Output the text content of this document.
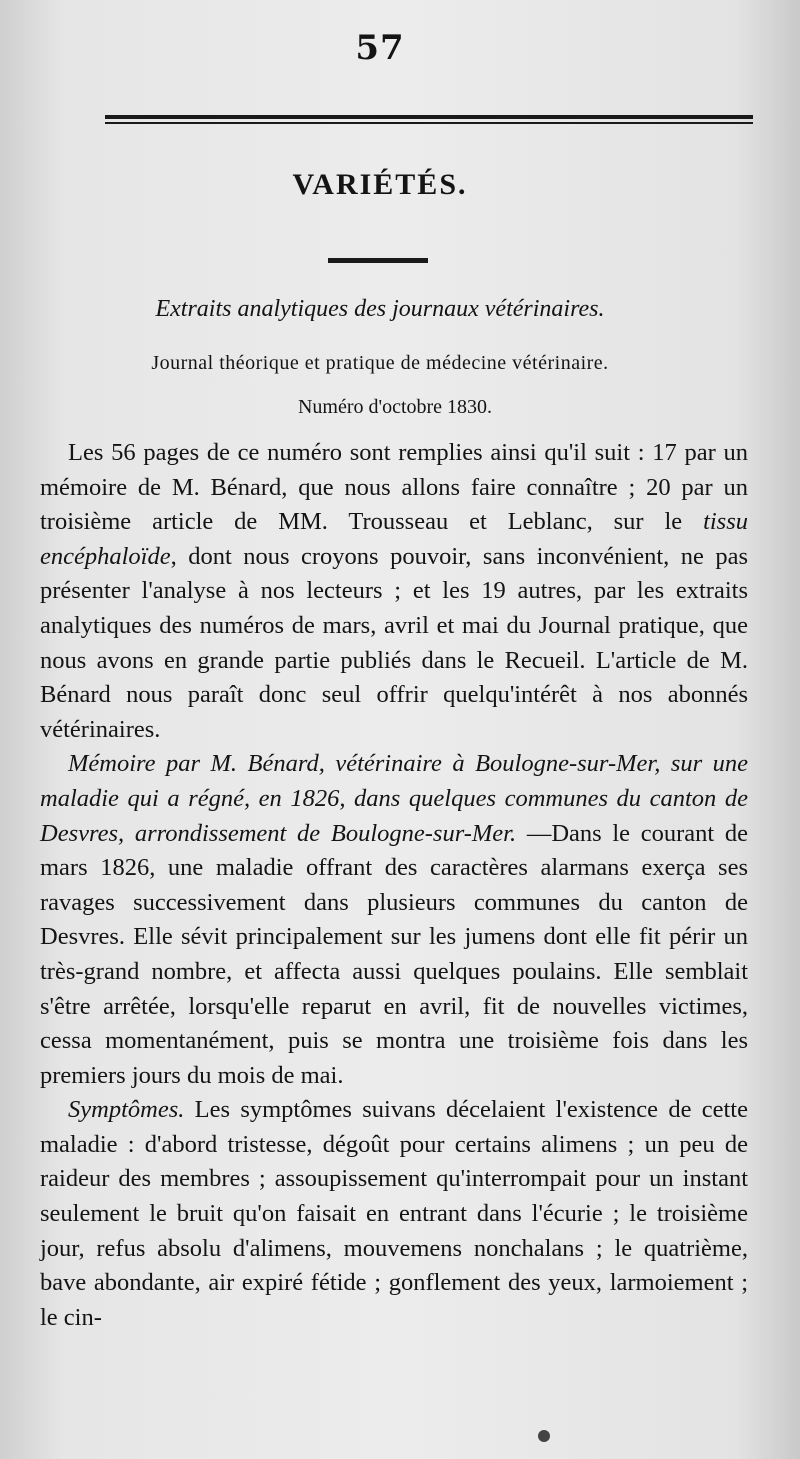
57
VARIÉTÉS.
Extraits analytiques des journaux vétérinaires.
Journal théorique et pratique de médecine vétérinaire.
Numéro d'octobre 1830.

Les 56 pages de ce numéro sont remplies ainsi qu'il suit : 17 par un mémoire de M. Bénard, que nous allons faire connaître ; 20 par un troisième article de MM. Trousseau et Leblanc, sur le tissu encéphaloïde, dont nous croyons pouvoir, sans inconvénient, ne pas présenter l'analyse à nos lecteurs ; et les 19 autres, par les extraits analytiques des numéros de mars, avril et mai du Journal pratique, que nous avons en grande partie publiés dans le Recueil. L'article de M. Bénard nous paraît donc seul offrir quelqu'intérêt à nos abonnés vétérinaires.

Mémoire par M. Bénard, vétérinaire à Boulogne-sur-Mer, sur une maladie qui a régné, en 1826, dans quelques communes du canton de Desvres, arrondissement de Boulogne-sur-Mer. —Dans le courant de mars 1826, une maladie offrant des caractères alarmans exerça ses ravages successivement dans plusieurs communes du canton de Desvres. Elle sévit principalement sur les jumens dont elle fit périr un très-grand nombre, et affecta aussi quelques poulains. Elle semblait s'être arrêtée, lorsqu'elle reparut en avril, fit de nouvelles victimes, cessa momentanément, puis se montra une troisième fois dans les premiers jours du mois de mai.

Symptômes. Les symptômes suivans décelaient l'existence de cette maladie : d'abord tristesse, dégoût pour certains alimens ; un peu de raideur des membres ; assoupissement qu'interrompait pour un instant seulement le bruit qu'on faisait en entrant dans l'écurie ; le troisième jour, refus absolu d'alimens, mouvemens nonchalans ; le quatrième, bave abondante, air expiré fétide ; gonflement des yeux, larmoiement ; le cin-
